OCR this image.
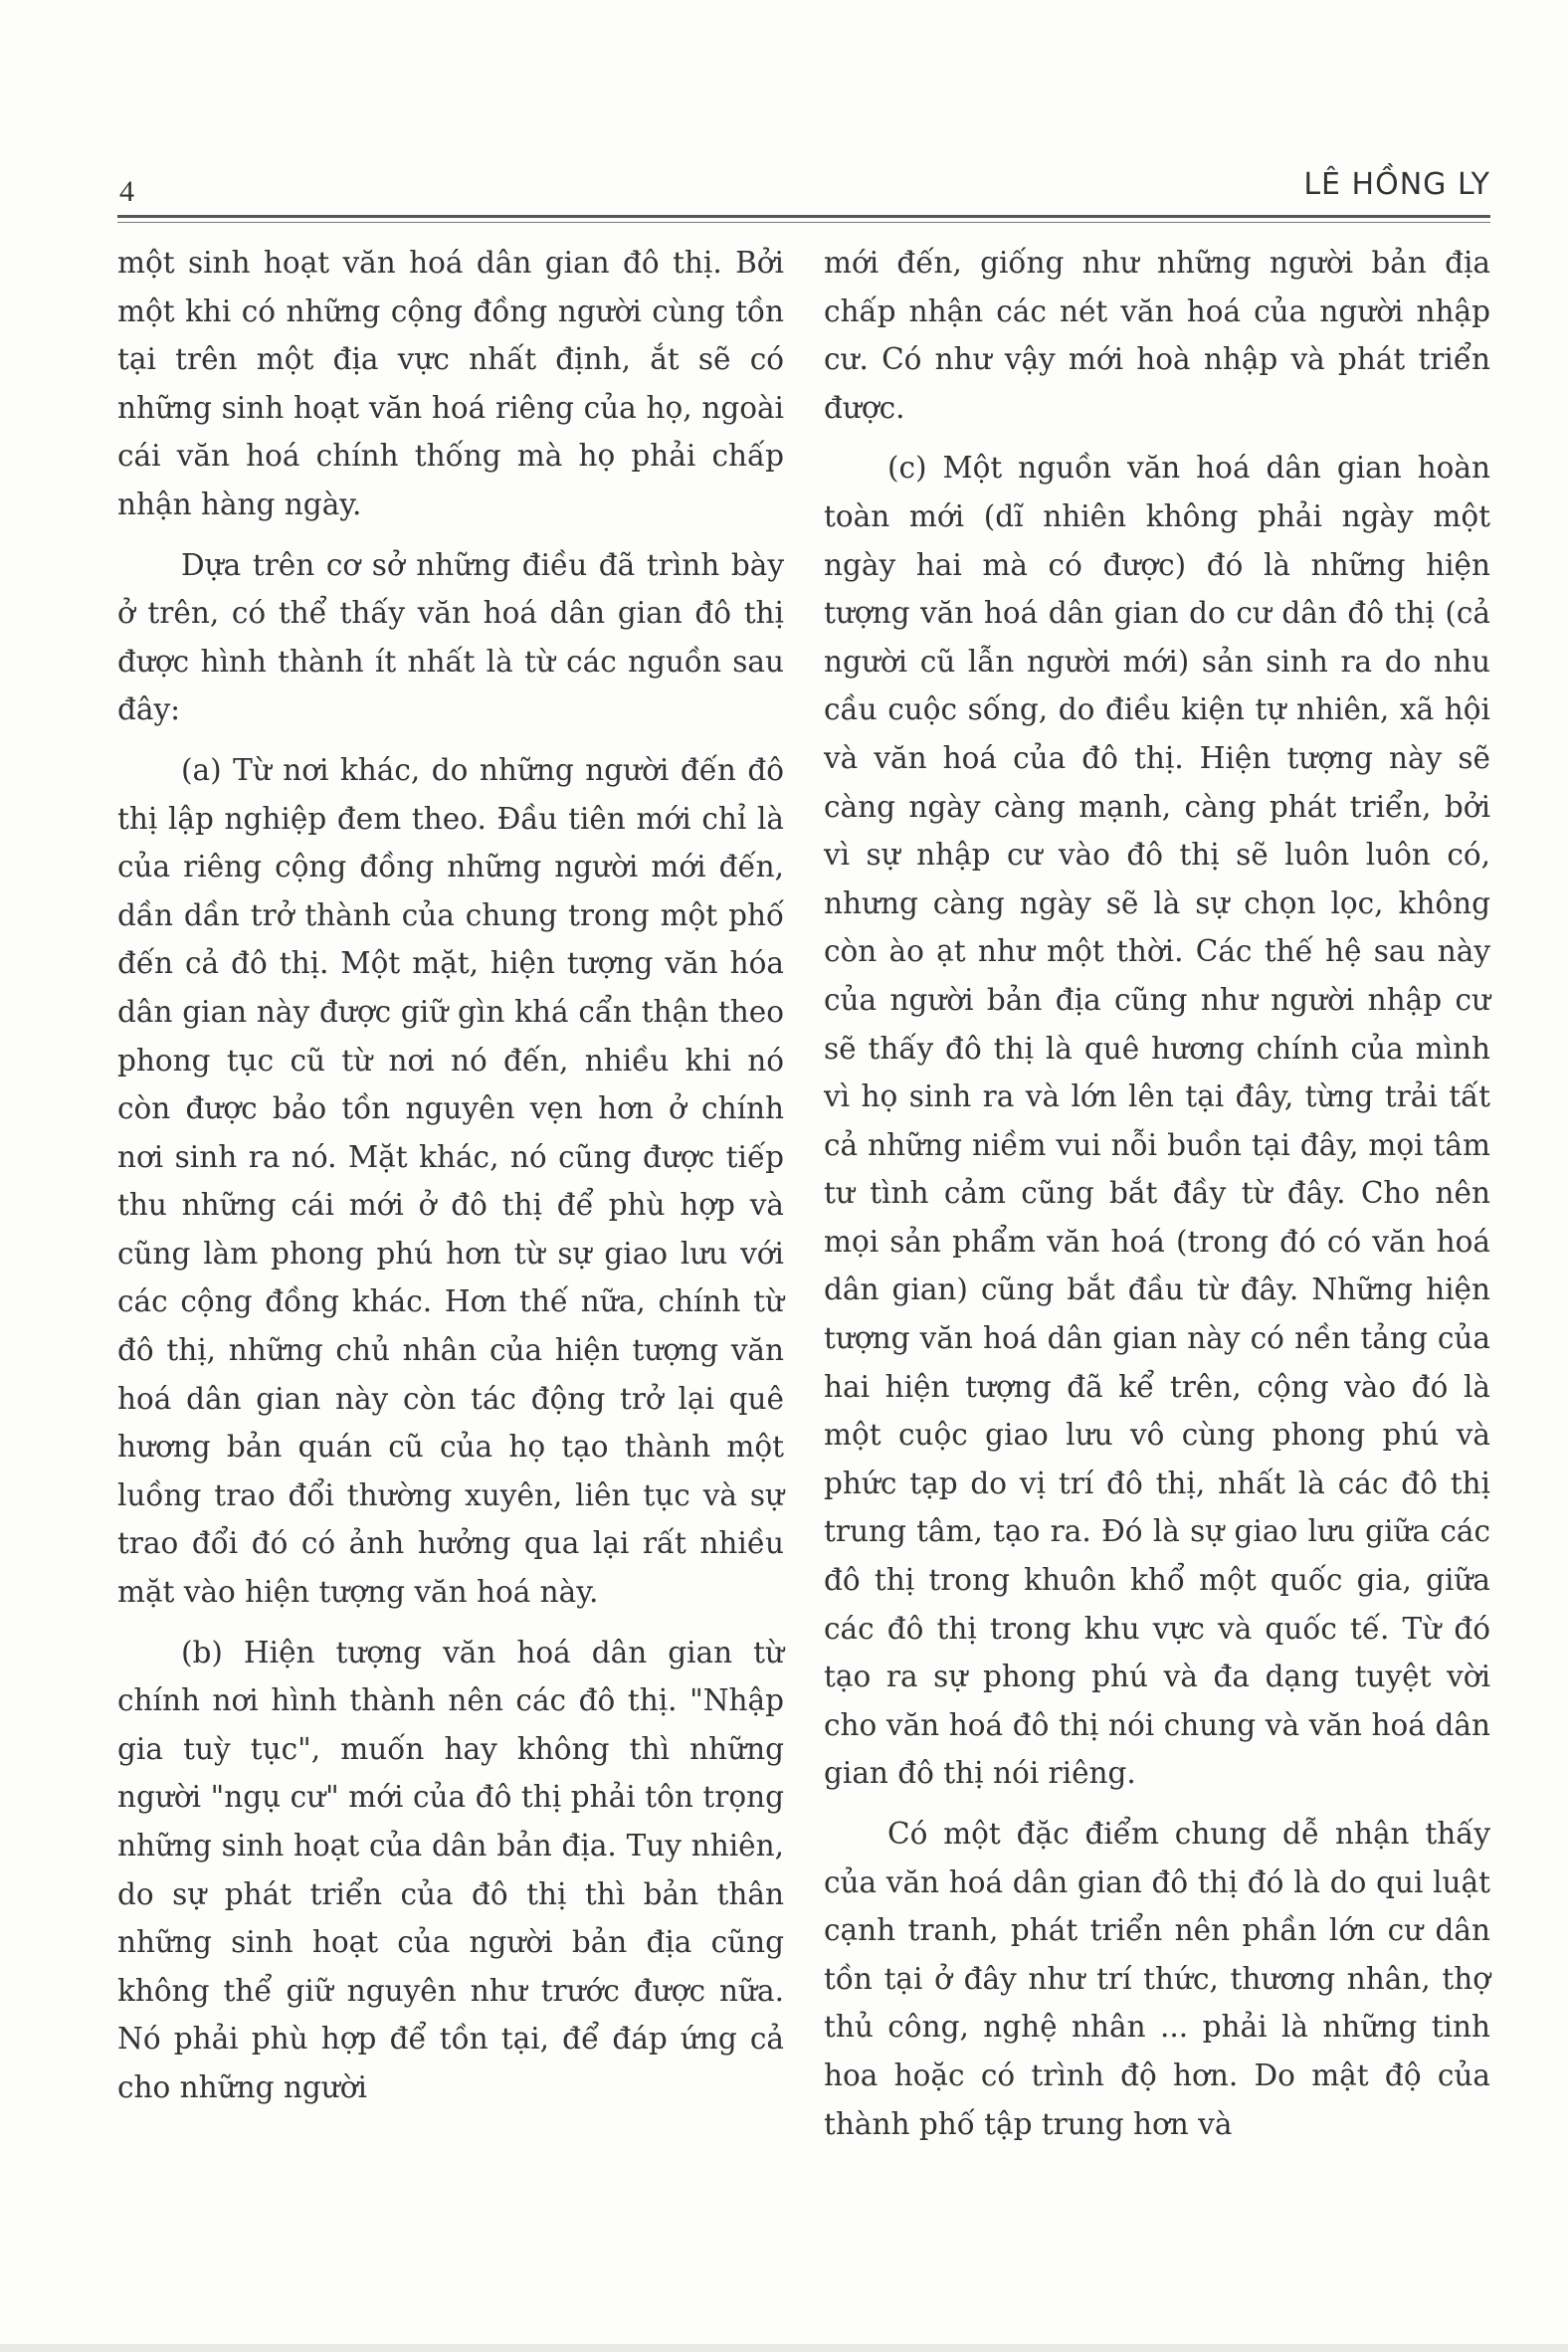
4	LÊ HỒNG LY

một sinh hoạt văn hoá dân gian đô thị. Bởi một khi có những cộng đồng người cùng tồn tại trên một địa vực nhất định, ắt sẽ có những sinh hoạt văn hoá riêng của họ, ngoài cái văn hoá chính thống mà họ phải chấp nhận hàng ngày.

Dựa trên cơ sở những điều đã trình bày ở trên, có thể thấy văn hoá dân gian đô thị được hình thành ít nhất là từ các nguồn sau đây:

(a) Từ nơi khác, do những người đến đô thị lập nghiệp đem theo. Đầu tiên mới chỉ là của riêng cộng đồng những người mới đến, dần dần trở thành của chung trong một phố đến cả đô thị. Một mặt, hiện tượng văn hóa dân gian này được giữ gìn khá cẩn thận theo phong tục cũ từ nơi nó đến, nhiều khi nó còn được bảo tồn nguyên vẹn hơn ở chính nơi sinh ra nó. Mặt khác, nó cũng được tiếp thu những cái mới ở đô thị để phù hợp và cũng làm phong phú hơn từ sự giao lưu với các cộng đồng khác. Hơn thế nữa, chính từ đô thị, những chủ nhân của hiện tượng văn hoá dân gian này còn tác động trở lại quê hương bản quán cũ của họ tạo thành một luồng trao đổi thường xuyên, liên tục và sự trao đổi đó có ảnh hưởng qua lại rất nhiều mặt vào hiện tượng văn hoá này.

(b) Hiện tượng văn hoá dân gian từ chính nơi hình thành nên các đô thị. "Nhập gia tuỳ tục", muốn hay không thì những người "ngụ cư" mới của đô thị phải tôn trọng những sinh hoạt của dân bản địa. Tuy nhiên, do sự phát triển của đô thị thì bản thân những sinh hoạt của người bản địa cũng không thể giữ nguyên như trước được nữa. Nó phải phù hợp để tồn tại, để đáp ứng cả cho những người

mới đến, giống như những người bản địa chấp nhận các nét văn hoá của người nhập cư. Có như vậy mới hoà nhập và phát triển được.

(c) Một nguồn văn hoá dân gian hoàn toàn mới (dĩ nhiên không phải ngày một ngày hai mà có được) đó là những hiện tượng văn hoá dân gian do cư dân đô thị (cả người cũ lẫn người mới) sản sinh ra do nhu cầu cuộc sống, do điều kiện tự nhiên, xã hội và văn hoá của đô thị. Hiện tượng này sẽ càng ngày càng mạnh, càng phát triển, bởi vì sự nhập cư vào đô thị sẽ luôn luôn có, nhưng càng ngày sẽ là sự chọn lọc, không còn ào ạt như một thời. Các thế hệ sau này của người bản địa cũng như người nhập cư sẽ thấy đô thị là quê hương chính của mình vì họ sinh ra và lớn lên tại đây, từng trải tất cả những niềm vui nỗi buồn tại đây, mọi tâm tư tình cảm cũng bắt đầy từ đây. Cho nên mọi sản phẩm văn hoá (trong đó có văn hoá dân gian) cũng bắt đầu từ đây. Những hiện tượng văn hoá dân gian này có nền tảng của hai hiện tượng đã kể trên, cộng vào đó là một cuộc giao lưu vô cùng phong phú và phức tạp do vị trí đô thị, nhất là các đô thị trung tâm, tạo ra. Đó là sự giao lưu giữa các đô thị trong khuôn khổ một quốc gia, giữa các đô thị trong khu vực và quốc tế. Từ đó tạo ra sự phong phú và đa dạng tuyệt vời cho văn hoá đô thị nói chung và văn hoá dân gian đô thị nói riêng.

Có một đặc điểm chung dễ nhận thấy của văn hoá dân gian đô thị đó là do qui luật cạnh tranh, phát triển nên phần lớn cư dân tồn tại ở đây như trí thức, thương nhân, thợ thủ công, nghệ nhân ... phải là những tinh hoa hoặc có trình độ hơn. Do mật độ của thành phố tập trung hơn và
